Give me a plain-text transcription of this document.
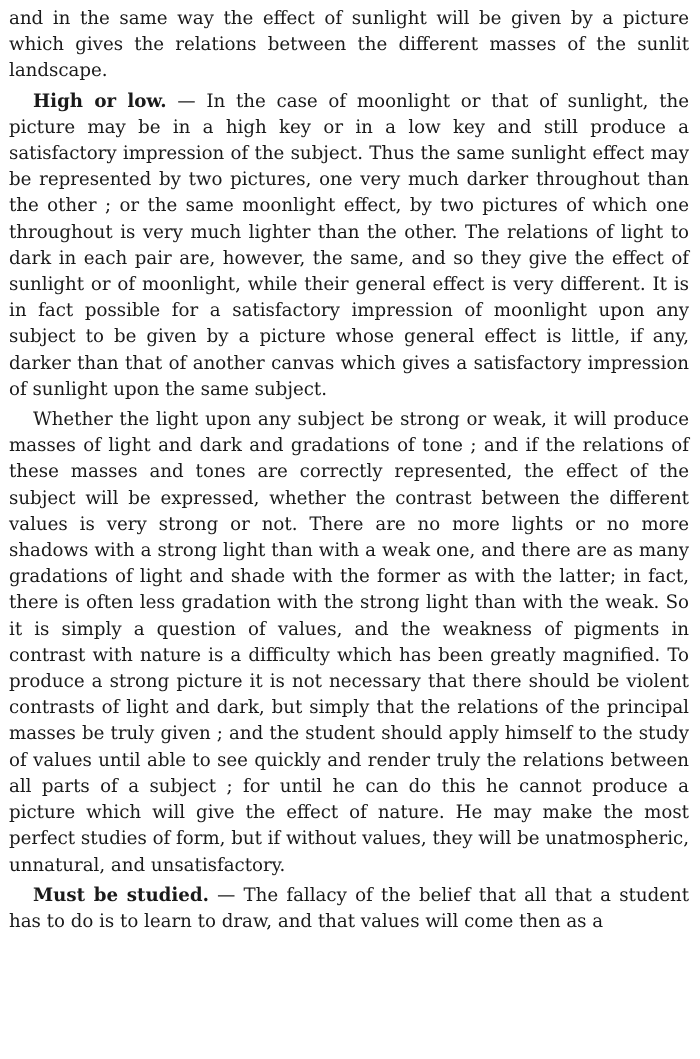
and in the same way the effect of sunlight will be given by a picture which gives the relations between the different masses of the sunlit landscape.

High or low. — In the case of moonlight or that of sunlight, the picture may be in a high key or in a low key and still produce a satisfactory impression of the subject. Thus the same sunlight effect may be represented by two pictures, one very much darker throughout than the other ; or the same moonlight effect, by two pictures of which one throughout is very much lighter than the other. The relations of light to dark in each pair are, however, the same, and so they give the effect of sunlight or of moonlight, while their general effect is very different. It is in fact possible for a satisfactory impression of moonlight upon any subject to be given by a picture whose general effect is little, if any, darker than that of another canvas which gives a satisfactory impression of sunlight upon the same subject.

Whether the light upon any subject be strong or weak, it will produce masses of light and dark and gradations of tone ; and if the relations of these masses and tones are correctly represented, the effect of the subject will be expressed, whether the contrast between the different values is very strong or not. There are no more lights or no more shadows with a strong light than with a weak one, and there are as many gradations of light and shade with the former as with the latter; in fact, there is often less gradation with the strong light than with the weak. So it is simply a question of values, and the weakness of pigments in contrast with nature is a difficulty which has been greatly magnified. To produce a strong picture it is not necessary that there should be violent contrasts of light and dark, but simply that the relations of the principal masses be truly given ; and the student should apply himself to the study of values until able to see quickly and render truly the relations between all parts of a subject ; for until he can do this he cannot produce a picture which will give the effect of nature. He may make the most perfect studies of form, but if without values, they will be unatmospheric, unnatural, and unsatisfactory.

Must be studied. — The fallacy of the belief that all that a student has to do is to learn to draw, and that values will come then as a
